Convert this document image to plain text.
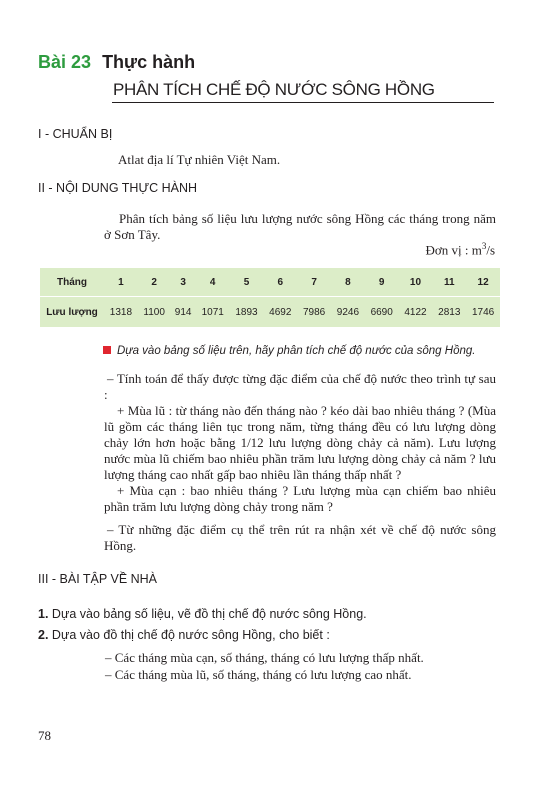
Bài 23 Thực hành
PHÂN TÍCH CHẾ ĐỘ NƯỚC SÔNG HỒNG
I - CHUẨN BỊ
Atlat địa lí Tự nhiên Việt Nam.
II - NỘI DUNG THỰC HÀNH
Phân tích bảng số liệu lưu lượng nước sông Hồng các tháng trong năm ở Sơn Tây.
Đơn vị : $m^3/s$
Tháng	1	2	3	4	5	6	7	8	9	10	11	12
Lưu lượng	1318	1100	914	1071	1893	4692	7986	9246	6690	4122	2813	1746
Dựa vào bảng số liệu trên, hãy phân tích chế độ nước của sông Hồng.
– Tính toán để thấy được từng đặc điểm của chế độ nước theo trình tự sau :
+ Mùa lũ : từ tháng nào đến tháng nào ? kéo dài bao nhiêu tháng ? (Mùa lũ gồm các tháng liên tục trong năm, từng tháng đều có lưu lượng dòng chảy lớn hơn hoặc bằng 1/12 lưu lượng dòng chảy cả năm). Lưu lượng nước mùa lũ chiếm bao nhiêu phần trăm lưu lượng dòng chảy cả năm ? lưu lượng tháng cao nhất gấp bao nhiêu lần tháng thấp nhất ?
+ Mùa cạn : bao nhiêu tháng ? Lưu lượng mùa cạn chiếm bao nhiêu phần trăm lưu lượng dòng chảy trong năm ?
– Từ những đặc điểm cụ thể trên rút ra nhận xét về chế độ nước sông Hồng.
III - BÀI TẬP VỀ NHÀ
1. Dựa vào bảng số liệu, vẽ đồ thị chế độ nước sông Hồng.
2. Dựa vào đồ thị chế độ nước sông Hồng, cho biết :
– Các tháng mùa cạn, số tháng, tháng có lưu lượng thấp nhất.
– Các tháng mùa lũ, số tháng, tháng có lưu lượng cao nhất.
78
